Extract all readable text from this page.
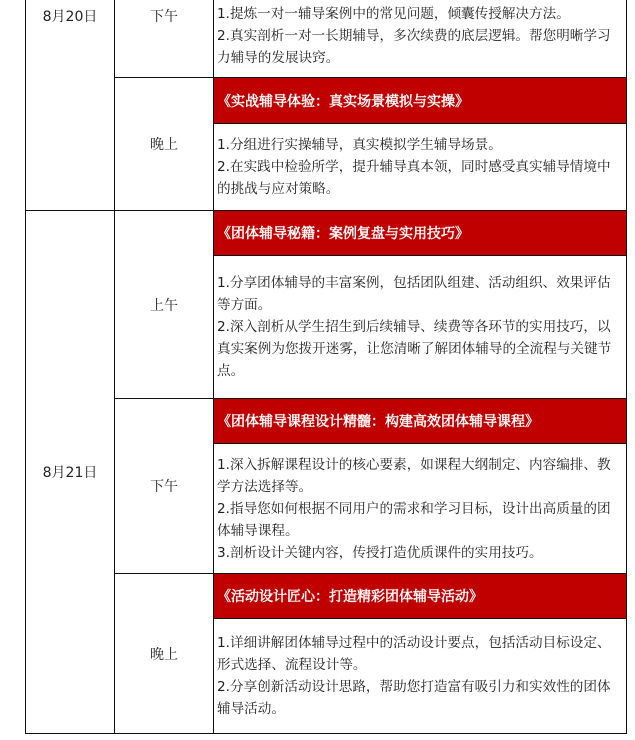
8月20日	下午	1.提炼一对一辅导案例中的常见问题，倾囊传授解决方法。
2.真实剖析一对一长期辅导，多次续费的底层逻辑。帮您明晰学习力辅导的发展诀窍。
晚上
《实战辅导体验：真实场景模拟与实操》
1.分组进行实操辅导，真实模拟学生辅导场景。
2.在实践中检验所学，提升辅导真本领，同时感受真实辅导情境中的挑战与应对策略。
8月21日
上午
《团体辅导秘籍：案例复盘与实用技巧》
1.分享团体辅导的丰富案例，包括团队组建、活动组织、效果评估等方面。
2.深入剖析从学生招生到后续辅导、续费等各环节的实用技巧，以真实案例为您拨开迷雾，让您清晰了解团体辅导的全流程与关键节点。
下午
《团体辅导课程设计精髓：构建高效团体辅导课程》
1.深入拆解课程设计的核心要素，如课程大纲制定、内容编排、教学方法选择等。
2.指导您如何根据不同用户的需求和学习目标，设计出高质量的团体辅导课程。
3.剖析设计关键内容，传授打造优质课件的实用技巧。
晚上
《活动设计匠心：打造精彩团体辅导活动》
1.详细讲解团体辅导过程中的活动设计要点，包括活动目标设定、形式选择、流程设计等。
2.分享创新活动设计思路，帮助您打造富有吸引力和实效性的团体辅导活动。
